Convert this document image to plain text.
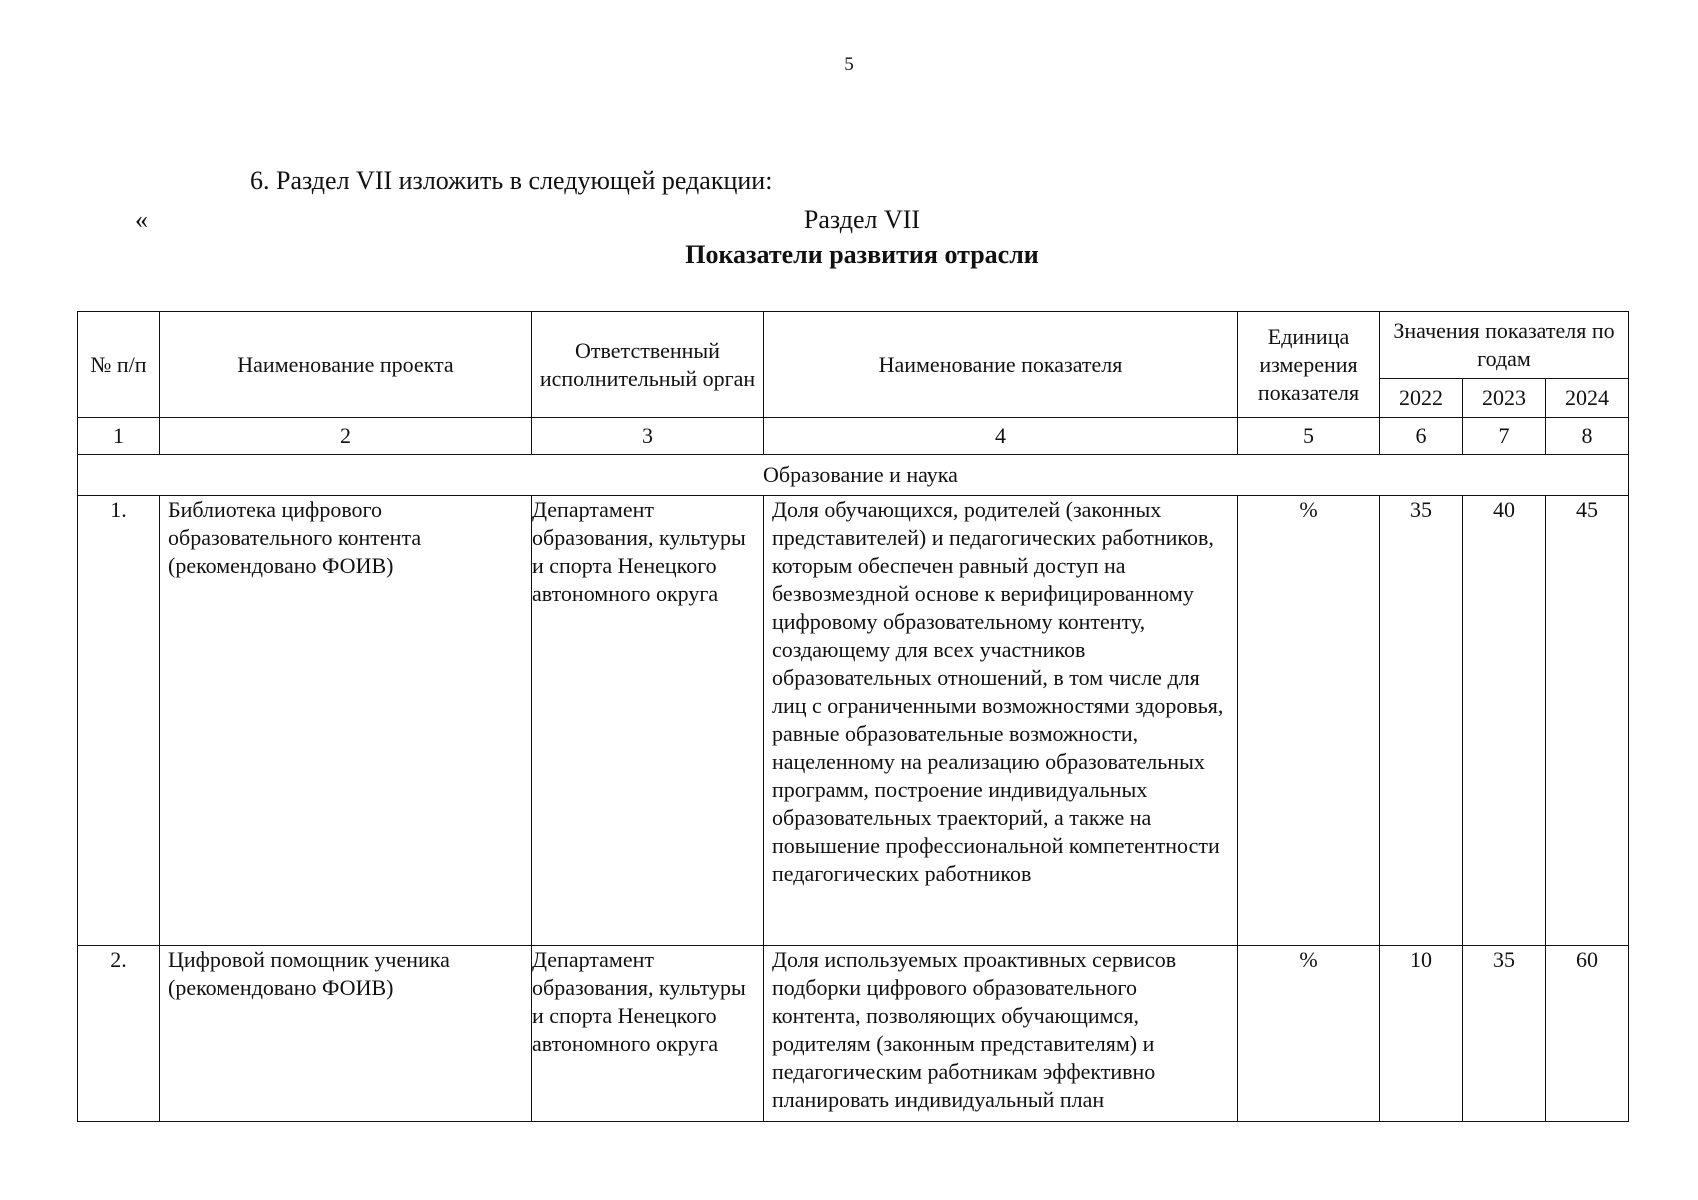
5
6. Раздел VII изложить в следующей редакции:
«	Раздел VII
Показатели развития отрасли
№ п/п	Наименование проекта	Ответственный исполнительный орган	Наименование показателя	Единица измерения показателя	Значения показателя по годам		
					2022	2023	2024
1	2	3	4	5	6	7	8
Образование и наука							
1.	Библиотека цифрового образовательного контента (рекомендовано ФОИВ)	Департамент образования, культуры и спорта Ненецкого автономного округа	Доля обучающихся, родителей (законных представителей) и педагогических работников, которым обеспечен равный доступ на безвозмездной основе к верифицированному цифровому образовательному контенту, создающему для всех участников образовательных отношений, в том числе для лиц с ограниченными возможностями здоровья, равные образовательные возможности, нацеленному на реализацию образовательных программ, построение индивидуальных образовательных траекторий, а также на повышение профессиональной компетентности педагогических работников	%	35	40	45
2.	Цифровой помощник ученика (рекомендовано ФОИВ)	Департамент образования, культуры и спорта Ненецкого автономного округа	Доля используемых проактивных сервисов подборки цифрового образовательного контента, позволяющих обучающимся, родителям (законным представителям) и педагогическим работникам эффективно планировать индивидуальный план	%	10	35	60
